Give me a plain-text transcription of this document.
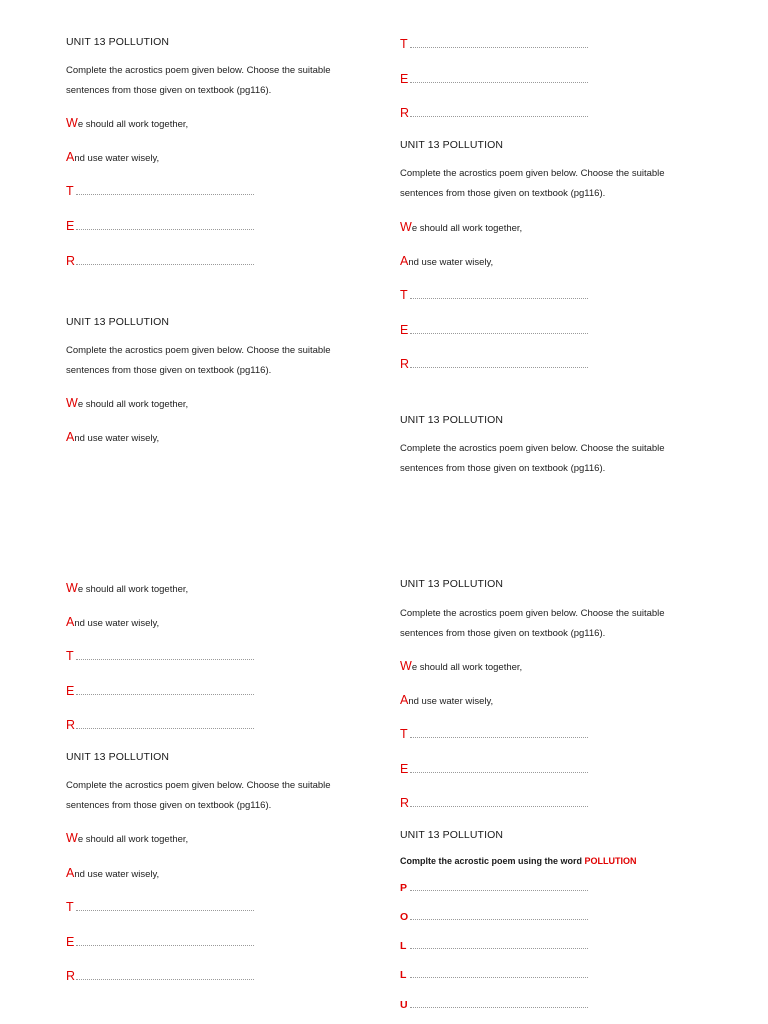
UNIT 13 POLLUTION
Complete the acrostics poem given below. Choose the suitable sentences from those given on textbook (pg116).
We should all work together,
And use water wisely,
T
E
R
UNIT 13 POLLUTION
Complete the acrostics poem given below. Choose the suitable sentences from those given on textbook (pg116).
We should all work together,
And use water wisely,
We should all work together,
And use water wisely,
T
E
R
UNIT 13 POLLUTION
Complete the acrostics poem given below. Choose the suitable sentences from those given on textbook (pg116).
We should all work together,
And use water wisely,
T
E
R
T
E
R
UNIT 13 POLLUTION
Complete the acrostics poem given below. Choose the suitable sentences from those given on textbook (pg116).
We should all work together,
And use water wisely,
T
E
R
UNIT 13 POLLUTION
Complete the acrostics poem given below. Choose the suitable sentences from those given on textbook (pg116).
UNIT 13 POLLUTION
Complete the acrostics poem given below. Choose the suitable sentences from those given on textbook (pg116).
We should all work together,
And use water wisely,
T
E
R
UNIT 13 POLLUTION
Complte the acrostic poem using the word POLLUTION
P
O
L
L
U
